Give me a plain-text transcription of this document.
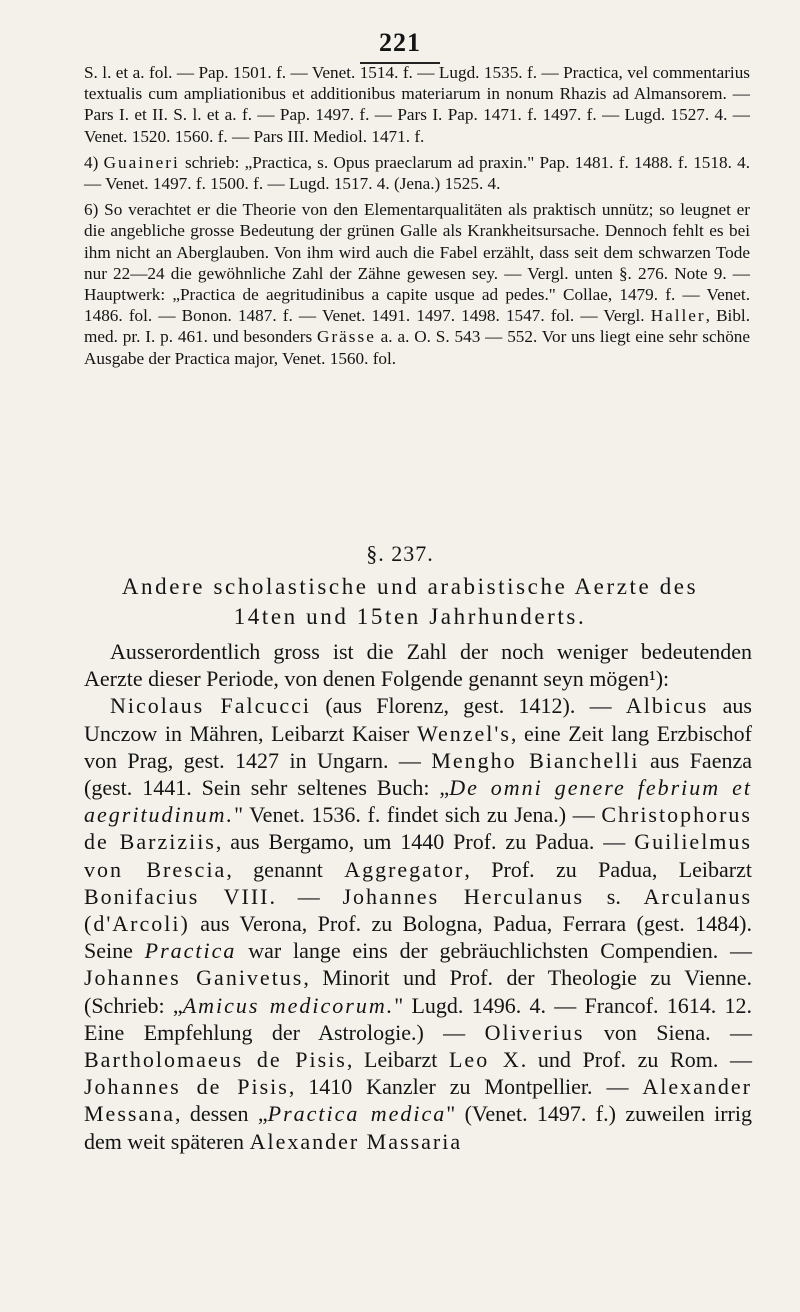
221

S. l. et a. fol. — Pap. 1501. f. — Venet. 1514. f. — Lugd. 1535. f. — Practica, vel commentarius textualis cum ampliationibus et additionibus materiarum in nonum Rhazis ad Almansorem. — Pars I. et II. S. l. et a. f. — Pap. 1497. f. — Pars I. Pap. 1471. f. 1497. f. — Lugd. 1527. 4. — Venet. 1520. 1560. f. — Pars III. Mediol. 1471. f.

4) Guaineri schrieb: „Practica, s. Opus praeclarum ad praxin." Pap. 1481. f. 1488. f. 1518. 4. — Venet. 1497. f. 1500. f. — Lugd. 1517. 4. (Jena.) 1525. 4.

6) So verachtet er die Theorie von den Elementarqualitäten als praktisch unnütz; so leugnet er die angebliche grosse Bedeutung der grünen Galle als Krankheitsursache. Dennoch fehlt es bei ihm nicht an Aberglauben. Von ihm wird auch die Fabel erzählt, dass seit dem schwarzen Tode nur 22—24 die gewöhnliche Zahl der Zähne gewesen sey. — Vergl. unten §. 276. Note 9. — Hauptwerk: „Practica de aegritudinibus a capite usque ad pedes." Collae, 1479. f. — Venet. 1486. fol. — Bonon. 1487. f. — Venet. 1491. 1497. 1498. 1547. fol. — Vergl. Haller, Bibl. med. pr. I. p. 461. und besonders Grässe a. a. O. S. 543 — 552. Vor uns liegt eine sehr schöne Ausgabe der Practica major, Venet. 1560. fol.

§. 237.
Andere scholastische und arabistische Aerzte des
14ten und 15ten Jahrhunderts.

Ausserordentlich gross ist die Zahl der noch weniger bedeutenden Aerzte dieser Periode, von denen Folgende genannt seyn mögen¹):

Nicolaus Falcucci (aus Florenz, gest. 1412). — Albicus aus Unczow in Mähren, Leibarzt Kaiser Wenzel's, eine Zeit lang Erzbischof von Prag, gest. 1427 in Ungarn. — Mengho Bianchelli aus Faenza (gest. 1441. Sein sehr seltenes Buch: „De omni genere febrium et aegritudinum." Venet. 1536. f. findet sich zu Jena.) — Christophorus de Barziziis, aus Bergamo, um 1440 Prof. zu Padua. — Guilielmus von Brescia, genannt Aggregator, Prof. zu Padua, Leibarzt Bonifacius VIII. — Johannes Herculanus s. Arculanus (d'Arcoli) aus Verona, Prof. zu Bologna, Padua, Ferrara (gest. 1484). Seine Practica war lange eins der gebräuchlichsten Compendien. — Johannes Ganivetus, Minorit und Prof. der Theologie zu Vienne. (Schrieb: „Amicus medicorum." Lugd. 1496. 4. — Francof. 1614. 12. Eine Empfehlung der Astrologie.) — Oliverius von Siena. — Bartholomaeus de Pisis, Leibarzt Leo X. und Prof. zu Rom. — Johannes de Pisis, 1410 Kanzler zu Montpellier. — Alexander Messana, dessen „Practica medica" (Venet. 1497. f.) zuweilen irrig dem weit späteren Alexander Massaria
